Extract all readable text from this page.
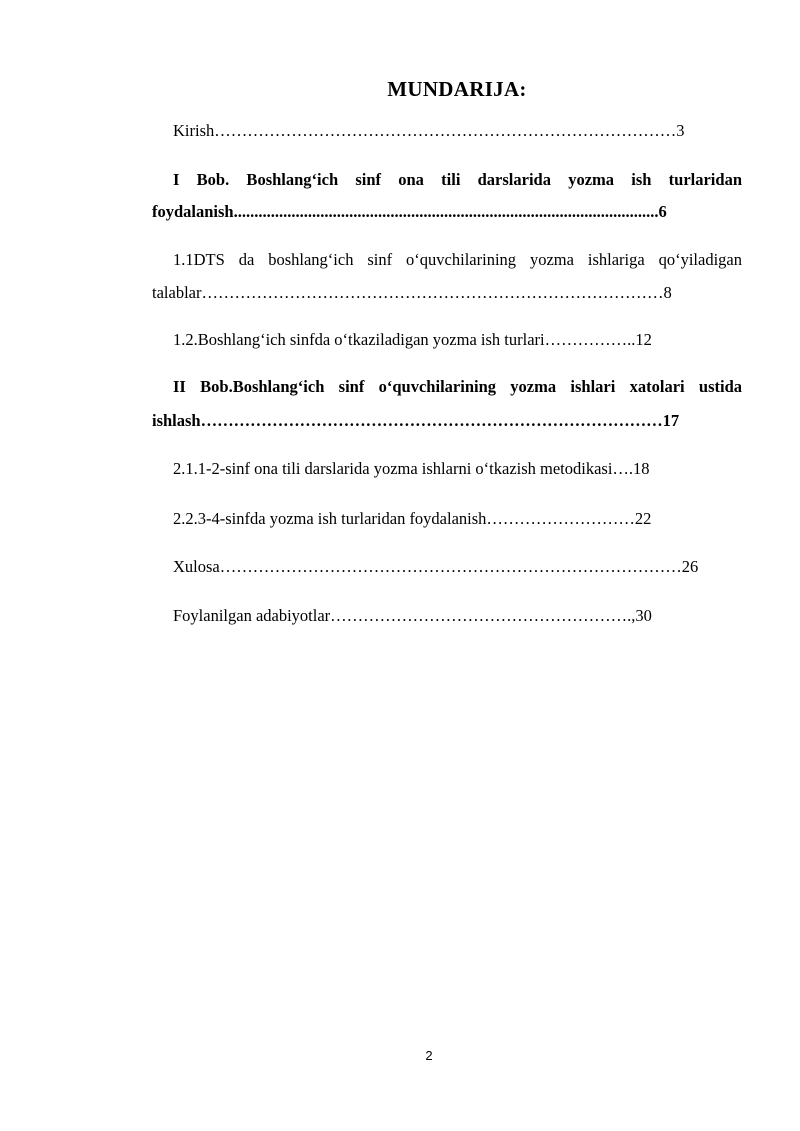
MUNDARIJA:
Kirish…………………………………………………………………………3
I Bob. Boshlang‘ich sinf ona tili darslarida yozma ish turlaridan
foydalanish.......................................................................................................6
1.1DTS da boshlang‘ich sinf o‘quvchilarining yozma ishlariga qo‘yiladigan
talablar…………………………………………………………………………8
1.2.Boshlang‘ich sinfda o‘tkaziladigan yozma ish turlari……………..12
II Bob.Boshlang‘ich sinf o‘quvchilarining yozma ishlari xatolari ustida
ishlash…………………………………………………………………………17
2.1.1-2-sinf ona tili darslarida yozma ishlarni o‘tkazish metodikasi….18
2.2.3-4-sinfda yozma ish turlaridan foydalanish………………………22
Xulosa…………………………………………………………………………26
Foylanilgan adabiyotlar……………………………………………….,30
2
